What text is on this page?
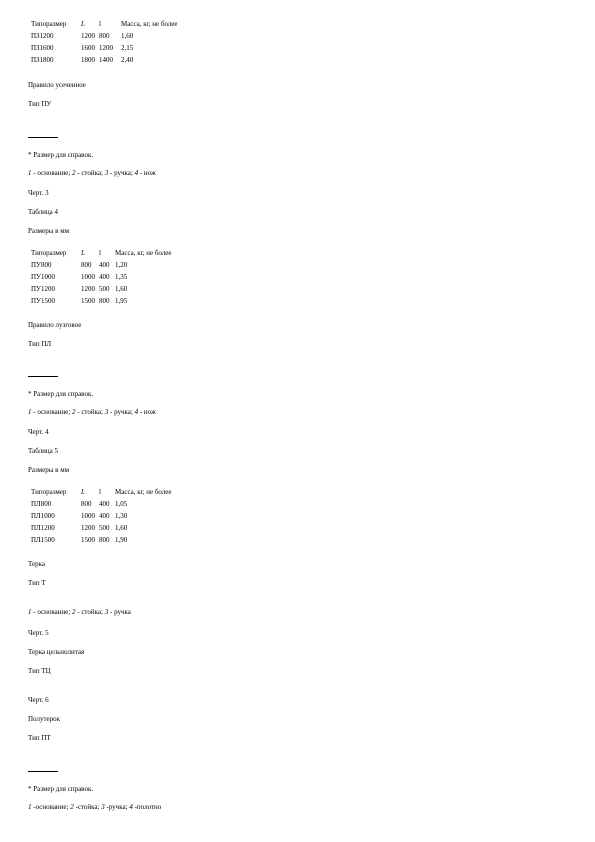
Типоразмер	L	l	Масса, кг, не более
ПЗ1200	1200	800	1,60
ПЗ1600	1600	1200	2,15
ПЗ1800	1800	1400	2,40

Правило усеченное

Тип ПУ

* Размер для справок.

1 - основание; 2 - стойка; 3 - ручка; 4 - нож

Черт. 3

Таблица 4

Размеры в мм

Типоразмер	L	l	Масса, кг, не более
ПУ800	800	400	1,20
ПУ1000	1000	400	1,35
ПУ1200	1200	500	1,60
ПУ1500	1500	800	1,95

Правило лузговое

Тип ПЛ

* Размер для справок.

1 - основание; 2 - стойка; 3 - ручка; 4 - нож

Черт. 4

Таблица 5

Размеры в мм

Типоразмер	L	l	Масса, кг, не более
ПЛ800	800	400	1,05
ПЛ1000	1000	400	1,30
ПЛ1200	1200	500	1,60
ПЛ1500	1500	800	1,90

Терка

Тип Т

1 - основание; 2 - стойка; 3 - ручка

Черт. 5

Терка цельнолитая

Тип ТЦ

Черт. 6

Полутерок

Тип ПТ

* Размер для справок.

1 -основание; 2 -стойка; 3 -ручка; 4 -полотно
